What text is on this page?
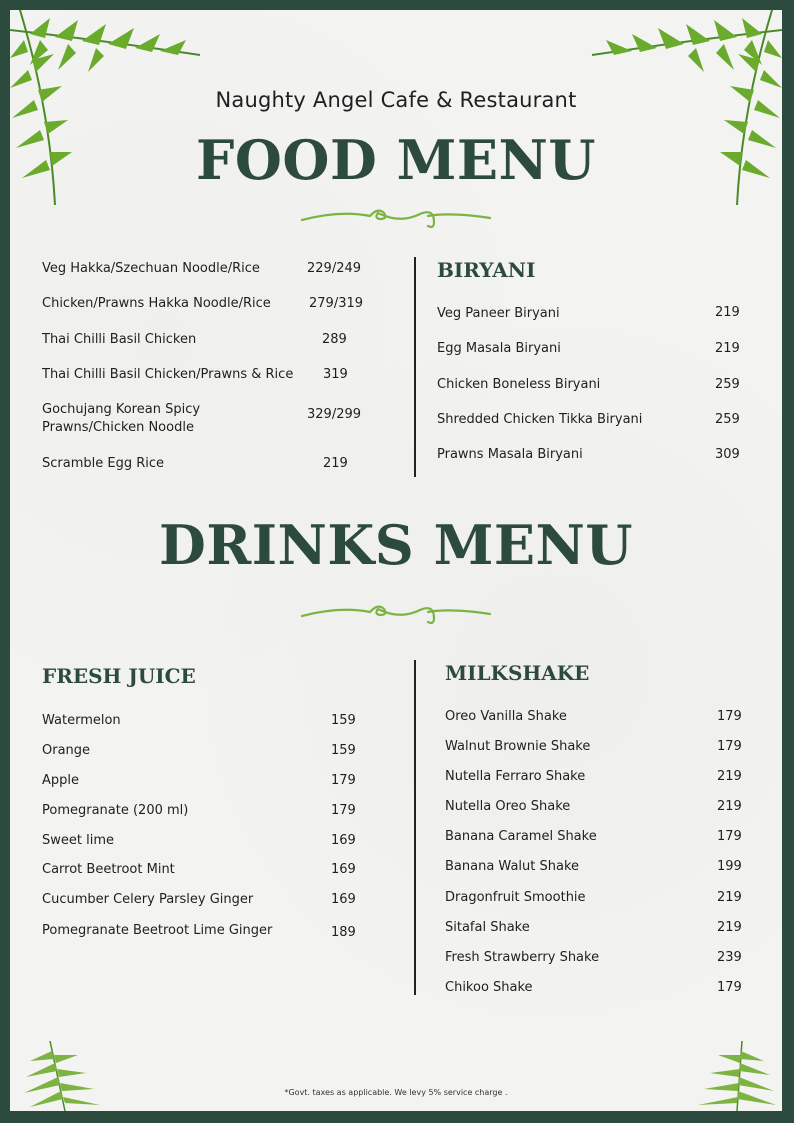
Naughty Angel Cafe & Restaurant
FOOD MENU
Veg Hakka/Szechuan Noodle/Rice	229/249
Chicken/Prawns Hakka Noodle/Rice	279/319
Thai Chilli Basil Chicken	289
Thai Chilli Basil Chicken/Prawns & Rice 319
Gochujang Korean Spicy
Prawns/Chicken Noodle
329/299
Scramble Egg Rice	219
BIRYANI
Veg Paneer Biryani	219
Egg Masala Biryani	219
Chicken Boneless Biryani	259
Shredded Chicken Tikka Biryani	259
Prawns Masala Biryani	309
DRINKS MENU
FRESH JUICE
Watermelon	159
Orange	159
Apple	179
Pomegranate (200 ml)	179
Sweet lime	169
Carrot Beetroot Mint	169
Cucumber Celery Parsley Ginger	169
Pomegranate Beetroot Lime Ginger	189
MILKSHAKE
Oreo Vanilla Shake	179
Walnut Brownie Shake	179
Nutella Ferraro Shake	219
Nutella Oreo Shake	219
Banana Caramel Shake	179
Banana Walut Shake	199
Dragonfruit Smoothie	219
Sitafal Shake	219
Fresh Strawberry Shake	239
Chikoo Shake	179
*Govt. taxes as applicable. We levy 5% service charge .
